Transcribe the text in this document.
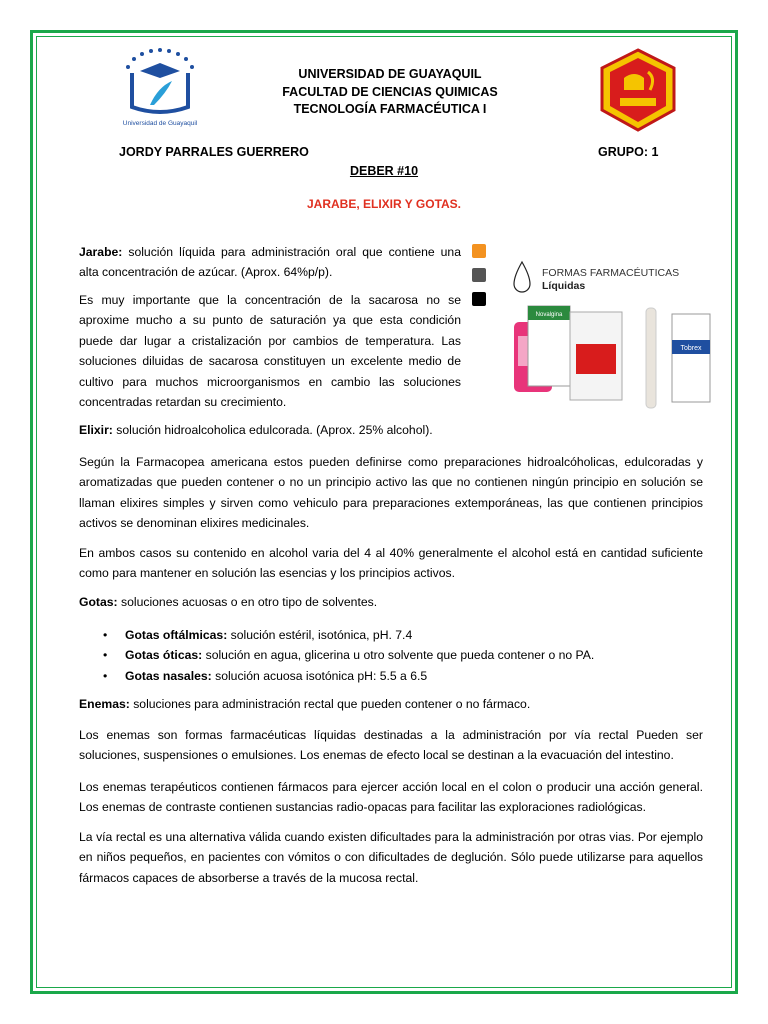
Universidad de Guayaquil
UNIVERSIDAD DE GUAYAQUIL
FACULTAD DE CIENCIAS QUIMICAS
TECNOLOGÍA FARMACÉUTICA I
JORDY PARRALES GUERRERO	GRUPO: 1
DEBER #10
JARABE, ELIXIR Y GOTAS.

Jarabe: solución líquida para administración oral que contiene una alta concentración de azúcar. (Aprox. 64%p/p).

Es muy importante que la concentración de la sacarosa no se aproxime mucho a su punto de saturación ya que esta condición puede dar lugar a cristalización por cambios de temperatura. Las soluciones diluidas de sacarosa constituyen un excelente medio de cultivo para muchos microorganismos en cambio las soluciones concentradas retardan su crecimiento.

Elixir: solución hidroalcoholica edulcorada. (Aprox. 25% alcohol).

FORMAS FARMACÉUTICAS
Líquidas
Novalgina
Tobrex

Según la Farmacopea americana estos pueden definirse como preparaciones hidroalcóholicas, edulcoradas y aromatizadas que pueden contener o no un principio activo las que no contienen ningún principio en solución se llaman elixires simples y sirven como vehiculo para preparaciones extemporáneas, las que contienen principios activos se denominan elixires medicinales.

En ambos casos su contenido en alcohol varia del 4 al 40% generalmente el alcohol está en cantidad suficiente como para mantener en solución las esencias y los principios activos.

Gotas: soluciones acuosas o en otro tipo de solventes.

• Gotas oftálmicas: solución estéril, isotónica, pH. 7.4
• Gotas óticas: solución en agua, glicerina u otro solvente que pueda contener o no PA.
• Gotas nasales: solución acuosa isotónica pH: 5.5 a 6.5

Enemas: soluciones para administración rectal que pueden contener o no fármaco.

Los enemas son formas farmacéuticas líquidas destinadas a la administración por vía rectal Pueden ser soluciones, suspensiones o emulsiones. Los enemas de efecto local se destinan a la evacuación del intestino.

Los enemas terapéuticos contienen fármacos para ejercer acción local en el colon o producir una acción general. Los enemas de contraste contienen sustancias radio-opacas para facilitar las exploraciones radiológicas.

La vía rectal es una alternativa válida cuando existen dificultades para la administración por otras vias. Por ejemplo en niños pequeños, en pacientes con vómitos o con dificultades de deglución. Sólo puede utilizarse para aquellos fármacos capaces de absorberse a través de la mucosa rectal.
